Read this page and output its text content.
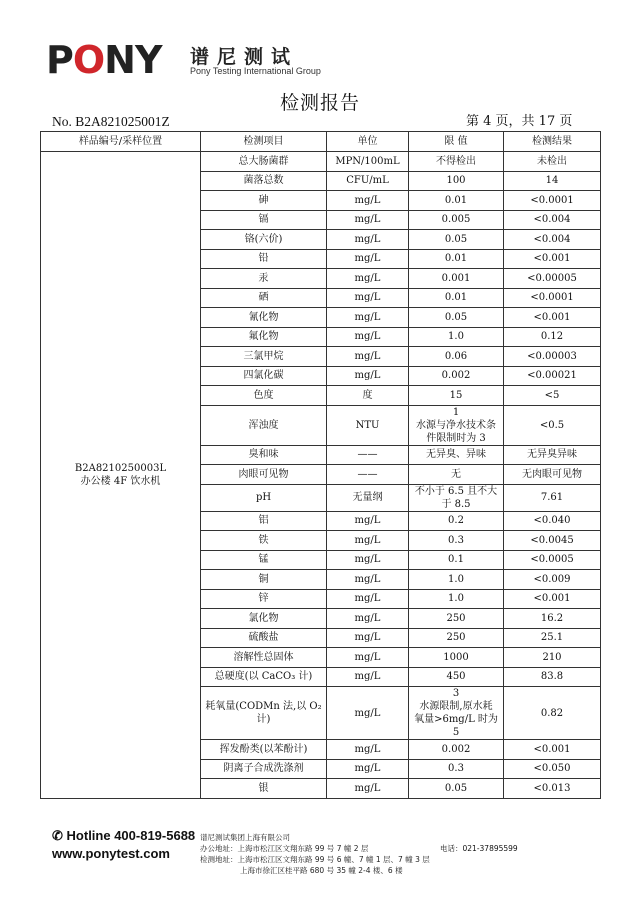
PONY 谱尼测试
Pony Testing International Group
检测报告
No. B2A821025001Z	第 4 页，共 17 页
样品编号/采样位置	检测项目	单位	限 值	检测结果

B2A8210250003L
办公楼 4F 饮水机	总大肠菌群	MPN/100mL	不得检出	未检出
	菌落总数	CFU/mL	100	14
	砷	mg/L	0.01	<0.0001
	镉	mg/L	0.005	<0.004
	铬(六价)	mg/L	0.05	<0.004
	铅	mg/L	0.01	<0.001
	汞	mg/L	0.001	<0.00005
	硒	mg/L	0.01	<0.0001
	氰化物	mg/L	0.05	<0.001
	氟化物	mg/L	1.0	0.12
	三氯甲烷	mg/L	0.06	<0.00003
	四氯化碳	mg/L	0.002	<0.00021
	色度	度	15	<5
	浑浊度	NTU	1
水源与净水技术条
件限制时为 3	<0.5
	臭和味	——	无异臭、异味	无异臭异味
	肉眼可见物	——	无	无肉眼可见物
	pH	无量纲	不小于 6.5 且不大
于 8.5	7.61
	铝	mg/L	0.2	<0.040
	铁	mg/L	0.3	<0.0045
	锰	mg/L	0.1	<0.0005
	铜	mg/L	1.0	<0.009
	锌	mg/L	1.0	<0.001
	氯化物	mg/L	250	16.2
	硫酸盐	mg/L	250	25.1
	溶解性总固体	mg/L	1000	210
	总硬度(以 CaCO₃ 计)	mg/L	450	83.8
	耗氧量(CODMn 法,以 O₂计)	mg/L	3
水源限制,原水耗
氧量>6mg/L 时为 5	0.82
	挥发酚类(以苯酚计)	mg/L	0.002	<0.001
	阴离子合成洗涤剂	mg/L	0.3	<0.050
	银	mg/L	0.05	<0.013
✆ Hotline 400-819-5688
www.ponytest.com
谱尼测试集团上海有限公司
办公地址：上海市松江区文翔东路 99 号 7 幢 2 层
检测地址：上海市松江区文翔东路 99 号 6 幢、7 幢 1 层、7 幢 3 层
上海市徐汇区桂平路 680 号 35 幢 2-4 楼、6 楼
电话：021-37895599
